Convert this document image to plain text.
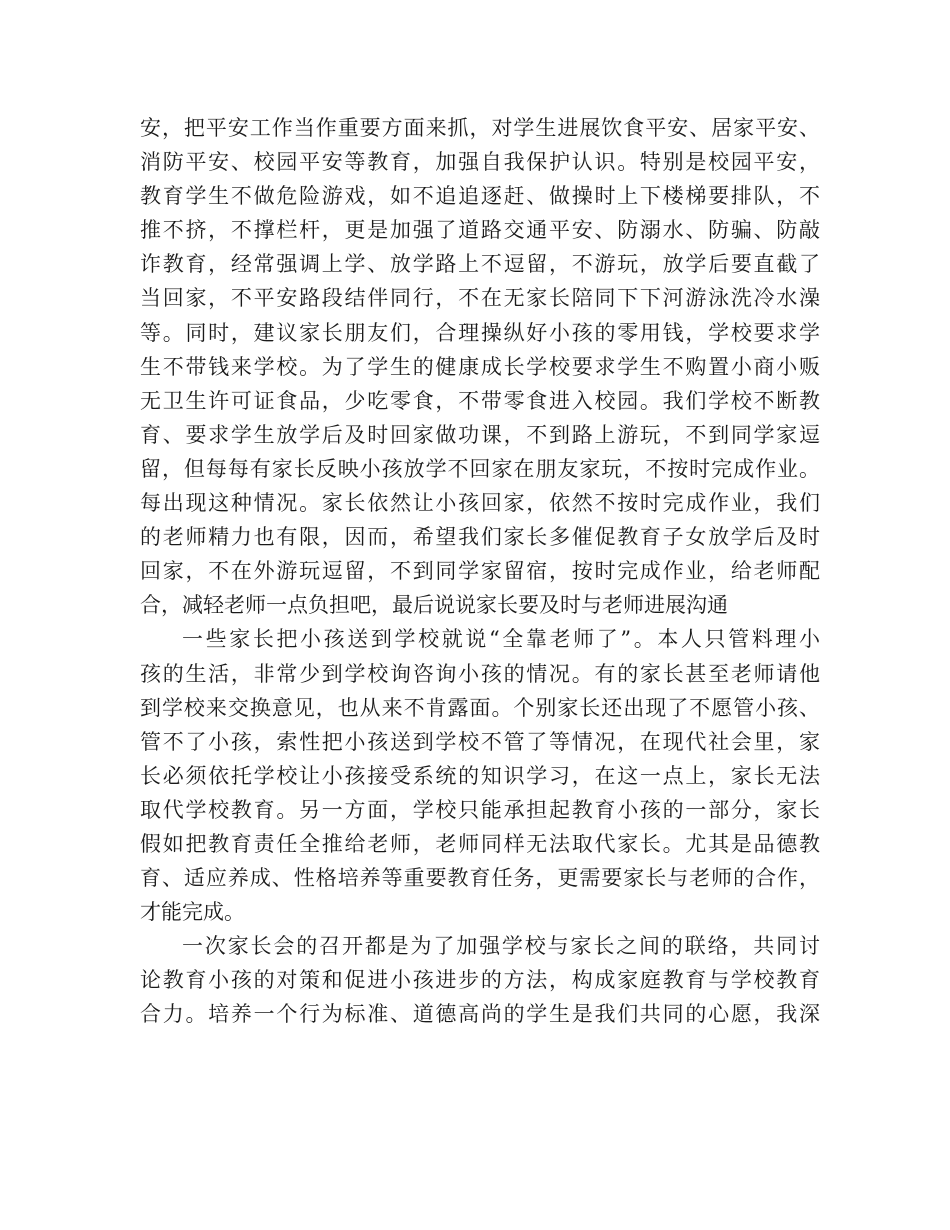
安，把平安工作当作重要方面来抓，对学生进展饮食平安、居家平安、
消防平安、校园平安等教育，加强自我保护认识。特别是校园平安，
教育学生不做危险游戏，如不追追逐赶、做操时上下楼梯要排队，不
推不挤，不撑栏杆，更是加强了道路交通平安、防溺水、防骗、防敲
诈教育，经常强调上学、放学路上不逗留，不游玩，放学后要直截了
当回家，不平安路段结伴同行，不在无家长陪同下下河游泳洗冷水澡
等。同时，建议家长朋友们，合理操纵好小孩的零用钱，学校要求学
生不带钱来学校。为了学生的健康成长学校要求学生不购置小商小贩
无卫生许可证食品，少吃零食，不带零食进入校园。我们学校不断教
育、要求学生放学后及时回家做功课，不到路上游玩，不到同学家逗
留，但每每有家长反映小孩放学不回家在朋友家玩，不按时完成作业。
每出现这种情况。家长依然让小孩回家，依然不按时完成作业，我们
的老师精力也有限，因而，希望我们家长多催促教育子女放学后及时
回家，不在外游玩逗留，不到同学家留宿，按时完成作业，给老师配
合，减轻老师一点负担吧，最后说说家长要及时与老师进展沟通
一些家长把小孩送到学校就说“全靠老师了”。本人只管料理小
孩的生活，非常少到学校询咨询小孩的情况。有的家长甚至老师请他
到学校来交换意见，也从来不肯露面。个别家长还出现了不愿管小孩、
管不了小孩，索性把小孩送到学校不管了等情况，在现代社会里，家
长必须依托学校让小孩接受系统的知识学习，在这一点上，家长无法
取代学校教育。另一方面，学校只能承担起教育小孩的一部分，家长
假如把教育责任全推给老师，老师同样无法取代家长。尤其是品德教
育、适应养成、性格培养等重要教育任务，更需要家长与老师的合作，
才能完成。
一次家长会的召开都是为了加强学校与家长之间的联络，共同讨
论教育小孩的对策和促进小孩进步的方法，构成家庭教育与学校教育
合力。培养一个行为标准、道德高尚的学生是我们共同的心愿，我深
